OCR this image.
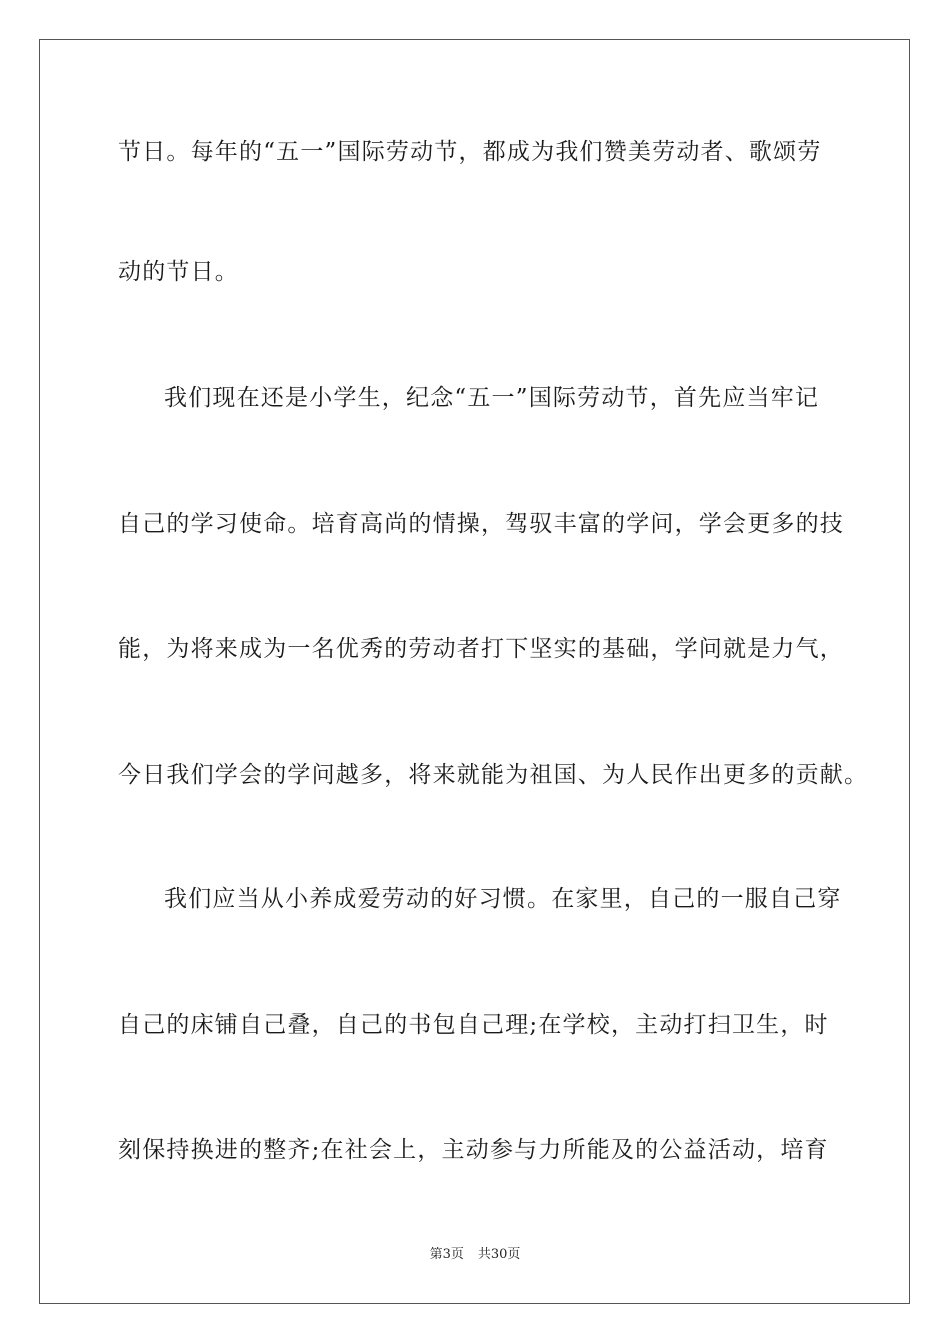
节日。每年的“五一”国际劳动节，都成为我们赞美劳动者、歌颂劳
动的节日。
我们现在还是小学生，纪念“五一”国际劳动节，首先应当牢记
自己的学习使命。培育高尚的情操，驾驭丰富的学问，学会更多的技
能，为将来成为一名优秀的劳动者打下坚实的基础，学问就是力气，
今日我们学会的学问越多，将来就能为祖国、为人民作出更多的贡献。
我们应当从小养成爱劳动的好习惯。在家里，自己的一服自己穿
自己的床铺自己叠，自己的书包自己理;在学校，主动打扫卫生，时
刻保持换进的整齐;在社会上，主动参与力所能及的公益活动，培育
第3页 共30页
